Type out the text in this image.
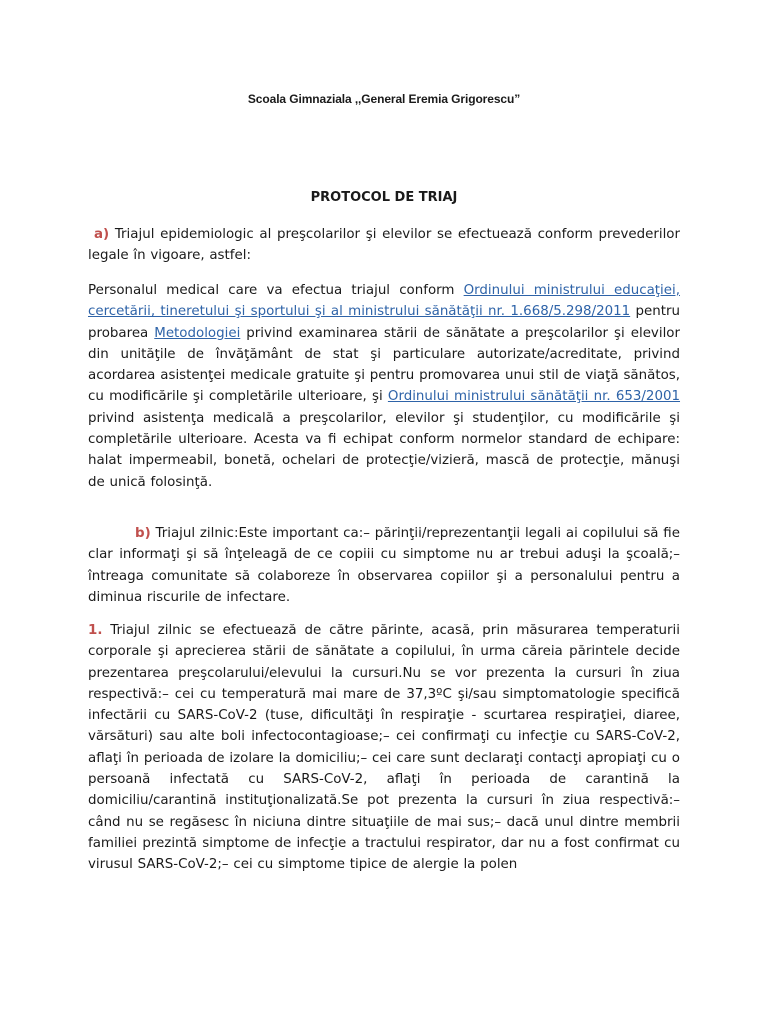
Scoala Gimnaziala ,,General Eremia Grigorescu”
PROTOCOL DE TRIAJ
a) Triajul epidemiologic al preşcolarilor şi elevilor se efectuează conform prevederilor legale în vigoare, astfel:
Personalul medical care va efectua triajul conform Ordinului ministrului educaţiei, cercetării, tineretului şi sportului şi al ministrului sănătăţii nr. 1.668/5.298/2011 pentru probarea Metodologiei privind examinarea stării de sănătate a preşcolarilor şi elevilor din unităţile de învăţământ de stat şi particulare autorizate/acreditate, privind acordarea asistenţei medicale gratuite şi pentru promovarea unui stil de viaţă sănătos, cu modificările şi completările ulterioare, şi Ordinului ministrului sănătăţii nr. 653/2001 privind asistenţa medicală a preşcolarilor, elevilor şi studenţilor, cu modificările şi completările ulterioare. Acesta va fi echipat conform normelor standard de echipare: halat impermeabil, bonetă, ochelari de protecţie/vizieră, mască de protecţie, mănuşi de unică folosinţă.
b) Triajul zilnic:Este important ca:– părinţii/reprezentanţii legali ai copilului să fie clar informaţi şi să înţeleagă de ce copiii cu simptome nu ar trebui aduşi la şcoală;– întreaga comunitate să colaboreze în observarea copiilor şi a personalului pentru a diminua riscurile de infectare.
1. Triajul zilnic se efectuează de către părinte, acasă, prin măsurarea temperaturii corporale şi aprecierea stării de sănătate a copilului, în urma căreia părintele decide prezentarea preşcolarului/elevului la cursuri.Nu se vor prezenta la cursuri în ziua respectivă:– cei cu temperatură mai mare de 37,3ºC şi/sau simptomatologie specifică infectării cu SARS-CoV-2 (tuse, dificultăţi în respiraţie - scurtarea respiraţiei, diaree, vărsături) sau alte boli infectocontagioase;– cei confirmaţi cu infecţie cu SARS-CoV-2, aflaţi în perioada de izolare la domiciliu;– cei care sunt declaraţi contacţi apropiaţi cu o persoană infectată cu SARS-CoV-2, aflaţi în perioada de carantină la domiciliu/carantină instituţionalizată.Se pot prezenta la cursuri în ziua respectivă:– când nu se regăsesc în niciuna dintre situaţiile de mai sus;– dacă unul dintre membrii familiei prezintă simptome de infecţie a tractului respirator, dar nu a fost confirmat cu virusul SARS-CoV-2;– cei cu simptome tipice de alergie la polen
